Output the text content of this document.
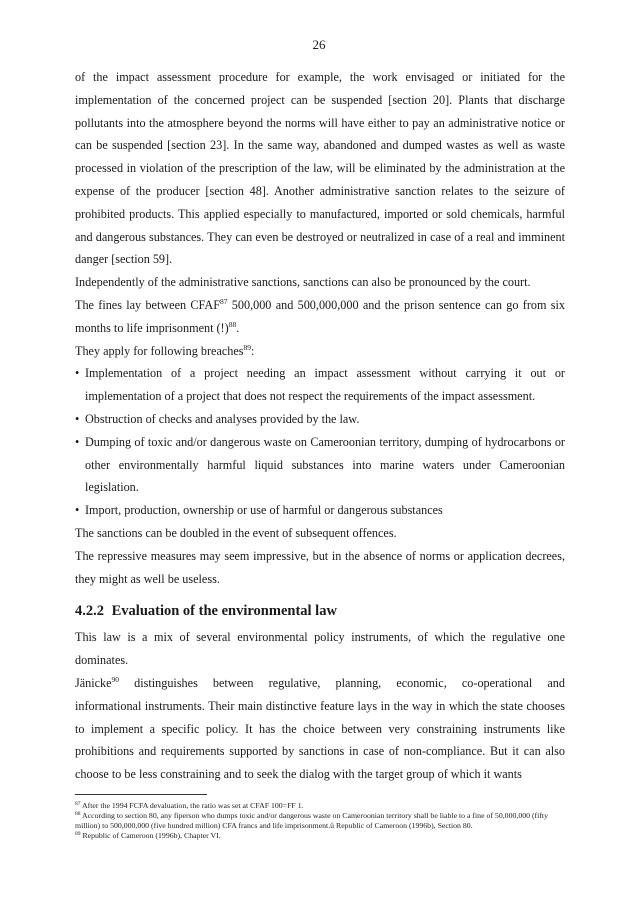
26

of the impact assessment procedure for example, the work envisaged or initiated for the implementation of the concerned project can be suspended [section 20]. Plants that discharge pollutants into the atmosphere beyond the norms will have either to pay an administrative notice or can be suspended [section 23]. In the same way, abandoned and dumped wastes as well as waste processed in violation of the prescription of the law, will be eliminated by the administration at the expense of the producer [section 48]. Another administrative sanction relates to the seizure of prohibited products. This applied especially to manufactured, imported or sold chemicals, harmful and dangerous substances. They can even be destroyed or neutralized in case of a real and imminent danger [section 59].

Independently of the administrative sanctions, sanctions can also be pronounced by the court.

The fines lay between CFAF$^{87}$ 500,000 and 500,000,000 and the prison sentence can go from six months to life imprisonment (!)$^{88}$.

They apply for following breaches$^{89}$:

• Implementation of a project needing an impact assessment without carrying it out or implementation of a project that does not respect the requirements of the impact assessment.
• Obstruction of checks and analyses provided by the law.
• Dumping of toxic and/or dangerous waste on Cameroonian territory, dumping of hydrocarbons or other environmentally harmful liquid substances into marine waters under Cameroonian legislation.
• Import, production, ownership or use of harmful or dangerous substances

The sanctions can be doubled in the event of subsequent offences.

The repressive measures may seem impressive, but in the absence of norms or application decrees, they might as well be useless.

4.2.2 Evaluation of the environmental law

This law is a mix of several environmental policy instruments, of which the regulative one dominates.

Jänicke$^{90}$ distinguishes between regulative, planning, economic, co-operational and

informational instruments. Their main distinctive feature lays in the way in which the state chooses to implement a specific policy. It has the choice between very constraining instruments like prohibitions and requirements supported by sanctions in case of non-compliance. But it can also choose to be less constraining and to seek the dialog with the target group of which it wants

$^{87}$ After the 1994 FCFA devaluation, the ratio was set at CFAF 100=FF 1.

$^{88}$ According to section 80, any fiperson who dumps toxic and/or dangerous waste on Cameroonian territory shall be liable to a fine of 50,000,000 (fifty million) to 500,000,000 (five hundred million) CFA francs and life imprisonment.ů Republic of Cameroon (1996b), Section 80.

$^{89}$ Republic of Cameroon (1996b), Chapter VI.
